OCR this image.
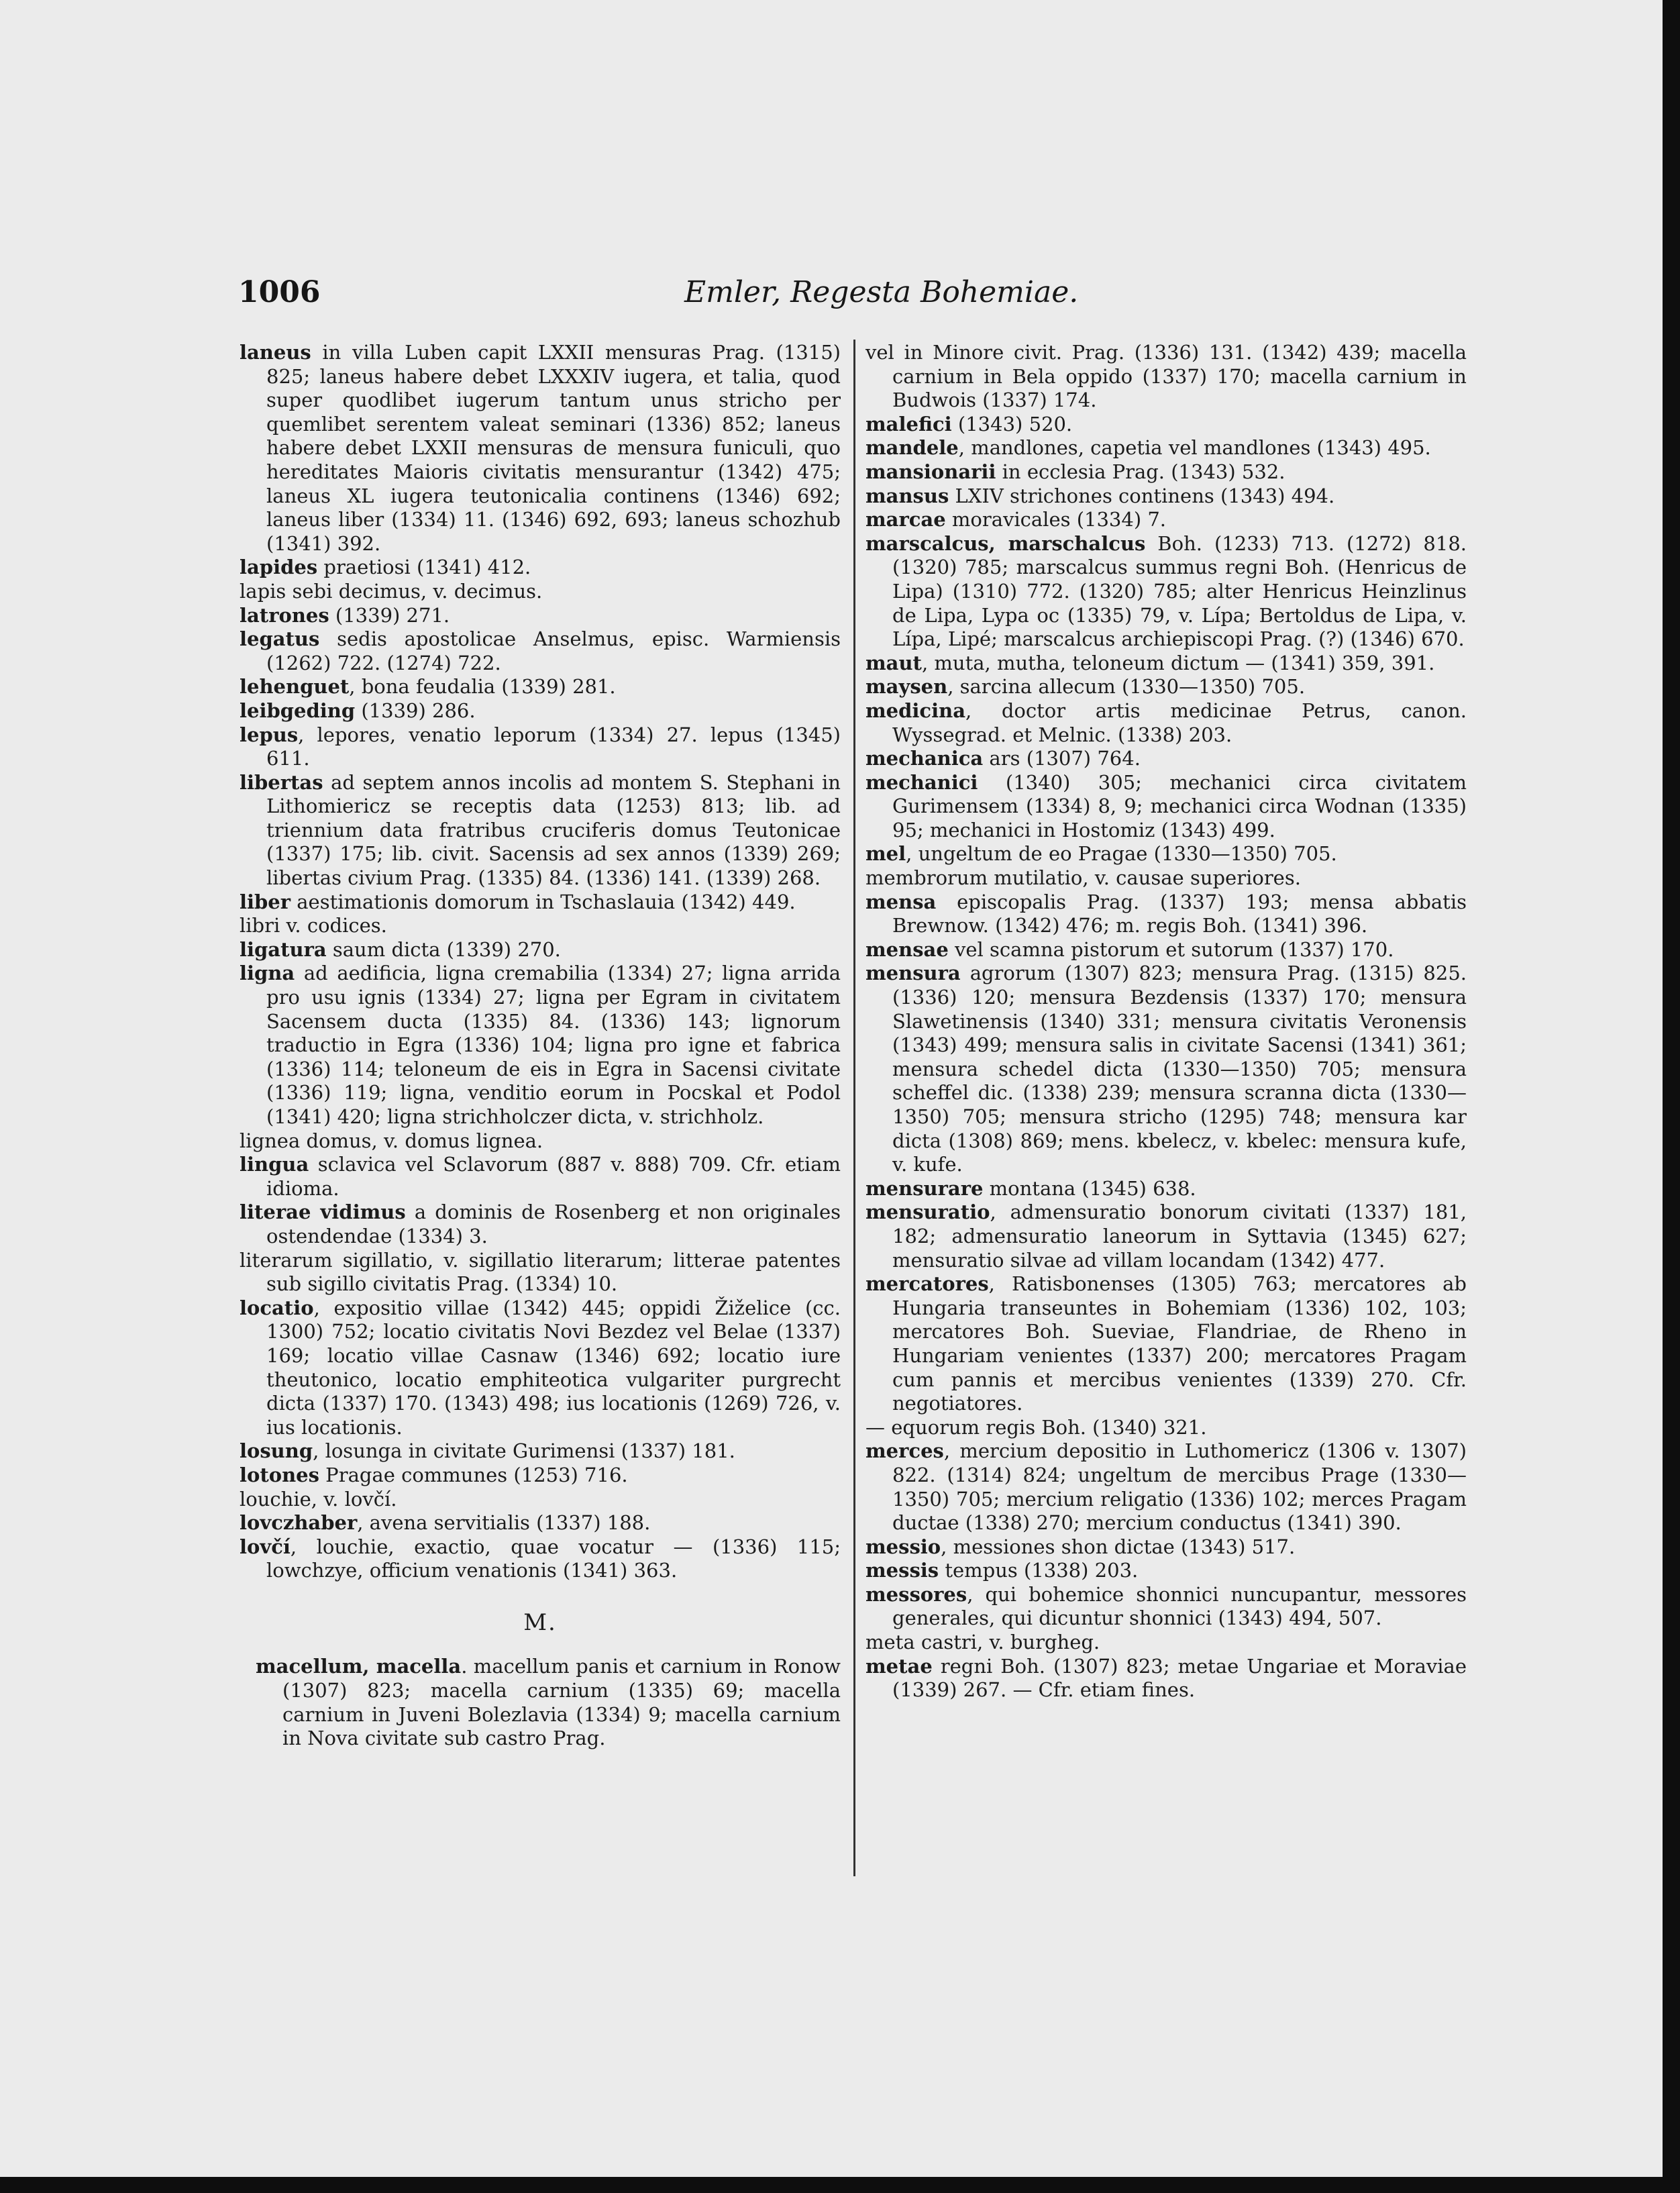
1006	Emler, Regesta Bohemiae.

laneus in villa Luben capit LXXII mensuras Prag. (1315) 825; laneus habere debet LXXXIV iugera, et talia, quod super quodlibet iugerum tantum unus stricho per quemlibet serentem valeat seminari (1336) 852; laneus habere debet LXXII mensuras de mensura funiculi, quo hereditates Maioris civitatis mensurantur (1342) 475; laneus XL iugera teutonicalia continens (1346) 692; laneus liber (1334) 11. (1346) 692, 693; laneus schozhub (1341) 392.

lapides praetiosi (1341) 412.

lapis sebi decimus, v. decimus.

latrones (1339) 271.

legatus sedis apostolicae Anselmus, episc. Warmiensis (1262) 722. (1274) 722.

lehenguet, bona feudalia (1339) 281.

leibgeding (1339) 286.

lepus, lepores, venatio leporum (1334) 27. lepus (1345) 611.

libertas ad septem annos incolis ad montem S. Stephani in Lithomiericz se receptis data (1253) 813; lib. ad triennium data fratribus cruciferis domus Teutonicae (1337) 175; lib. civit. Sacensis ad sex annos (1339) 269; libertas civium Prag. (1335) 84. (1336) 141. (1339) 268.

liber aestimationis domorum in Tschaslauia (1342) 449.

libri v. codices.

ligatura saum dicta (1339) 270.

ligna ad aedificia, ligna cremabilia (1334) 27; ligna arrida pro usu ignis (1334) 27; ligna per Egram in civitatem Sacensem ducta (1335) 84. (1336) 143; lignorum traductio in Egra (1336) 104; ligna pro igne et fabrica (1336) 114; teloneum de eis in Egra in Sacensi civitate (1336) 119; ligna, venditio eorum in Pocskal et Podol (1341) 420; ligna strichholczer dicta, v. strichholz.

lignea domus, v. domus lignea.

lingua sclavica vel Sclavorum (887 v. 888) 709. Cfr. etiam idioma.

literae vidimus a dominis de Rosenberg et non originales ostendendae (1334) 3.

literarum sigillatio, v. sigillatio literarum; litterae patentes sub sigillo civitatis Prag. (1334) 10.

locatio, expositio villae (1342) 445; oppidi Žiželice (cc. 1300) 752; locatio civitatis Novi Bezdez vel Belae (1337) 169; locatio villae Casnaw (1346) 692; locatio iure theutonico, locatio emphiteotica vulgariter purgrecht dicta (1337) 170. (1343) 498; ius locationis (1269) 726, v. ius locationis.

losung, losunga in civitate Gurimensi (1337) 181.

lotones Pragae communes (1253) 716.

louchie, v. lovčí.

lovczhaber, avena servitialis (1337) 188.

lovčí, louchie, exactio, quae vocatur — (1336) 115; lowchzye, officium venationis (1341) 363.

M.

macellum, macella. macellum panis et carnium in Ronow (1307) 823; macella carnium (1335) 69; macella carnium in Juveni Bolezlavia (1334) 9; macella carnium in Nova civitate sub castro Prag.

vel in Minore civit. Prag. (1336) 131. (1342) 439; macella carnium in Bela oppido (1337) 170; macella carnium in Budwois (1337) 174.

malefici (1343) 520.

mandele, mandlones, capetia vel mandlones (1343) 495.

mansionarii in ecclesia Prag. (1343) 532.

mansus LXIV strichones continens (1343) 494.

marcae moravicales (1334) 7.

marscalcus, marschalcus Boh. (1233) 713. (1272) 818. (1320) 785; marscalcus summus regni Boh. (Henricus de Lipa) (1310) 772. (1320) 785; alter Henricus Heinzlinus de Lipa, Lypa oc (1335) 79, v. Lípa; Bertoldus de Lipa, v. Lípa, Lipé; marscalcus archiepiscopi Prag. (?) (1346) 670.

maut, muta, mutha, teloneum dictum — (1341) 359, 391.

maysen, sarcina allecum (1330—1350) 705.

medicina, doctor artis medicinae Petrus, canon. Wyssegrad. et Melnic. (1338) 203.

mechanica ars (1307) 764.

mechanici (1340) 305; mechanici circa civitatem Gurimensem (1334) 8, 9; mechanici circa Wodnan (1335) 95; mechanici in Hostomiz (1343) 499.

mel, ungeltum de eo Pragae (1330—1350) 705.

membrorum mutilatio, v. causae superiores.

mensa episcopalis Prag. (1337) 193; mensa abbatis Brewnow. (1342) 476; m. regis Boh. (1341) 396.

mensae vel scamna pistorum et sutorum (1337) 170.

mensura agrorum (1307) 823; mensura Prag. (1315) 825. (1336) 120; mensura Bezdensis (1337) 170; mensura Slawetinensis (1340) 331; mensura civitatis Veronensis (1343) 499; mensura salis in civitate Sacensi (1341) 361; mensura schedel dicta (1330—1350) 705; mensura scheffel dic. (1338) 239; mensura scranna dicta (1330—1350) 705; mensura stricho (1295) 748; mensura kar dicta (1308) 869; mens. kbelecz, v. kbelec: mensura kufe, v. kufe.

mensurare montana (1345) 638.

mensuratio, admensuratio bonorum civitati (1337) 181, 182; admensuratio laneorum in Syttavia (1345) 627; mensuratio silvae ad villam locandam (1342) 477.

mercatores, Ratisbonenses (1305) 763; mercatores ab Hungaria transeuntes in Bohemiam (1336) 102, 103; mercatores Boh. Sueviae, Flandriae, de Rheno in Hungariam venientes (1337) 200; mercatores Pragam cum pannis et mercibus venientes (1339) 270. Cfr. negotiatores.

— equorum regis Boh. (1340) 321.

merces, mercium depositio in Luthomericz (1306 v. 1307) 822. (1314) 824; ungeltum de mercibus Prage (1330—1350) 705; mercium religatio (1336) 102; merces Pragam ductae (1338) 270; mercium conductus (1341) 390.

messio, messiones shon dictae (1343) 517.

messis tempus (1338) 203.

messores, qui bohemice shonnici nuncupantur, messores generales, qui dicuntur shonnici (1343) 494, 507.

meta castri, v. burgheg.

metae regni Boh. (1307) 823; metae Ungariae et Moraviae (1339) 267. — Cfr. etiam fines.
